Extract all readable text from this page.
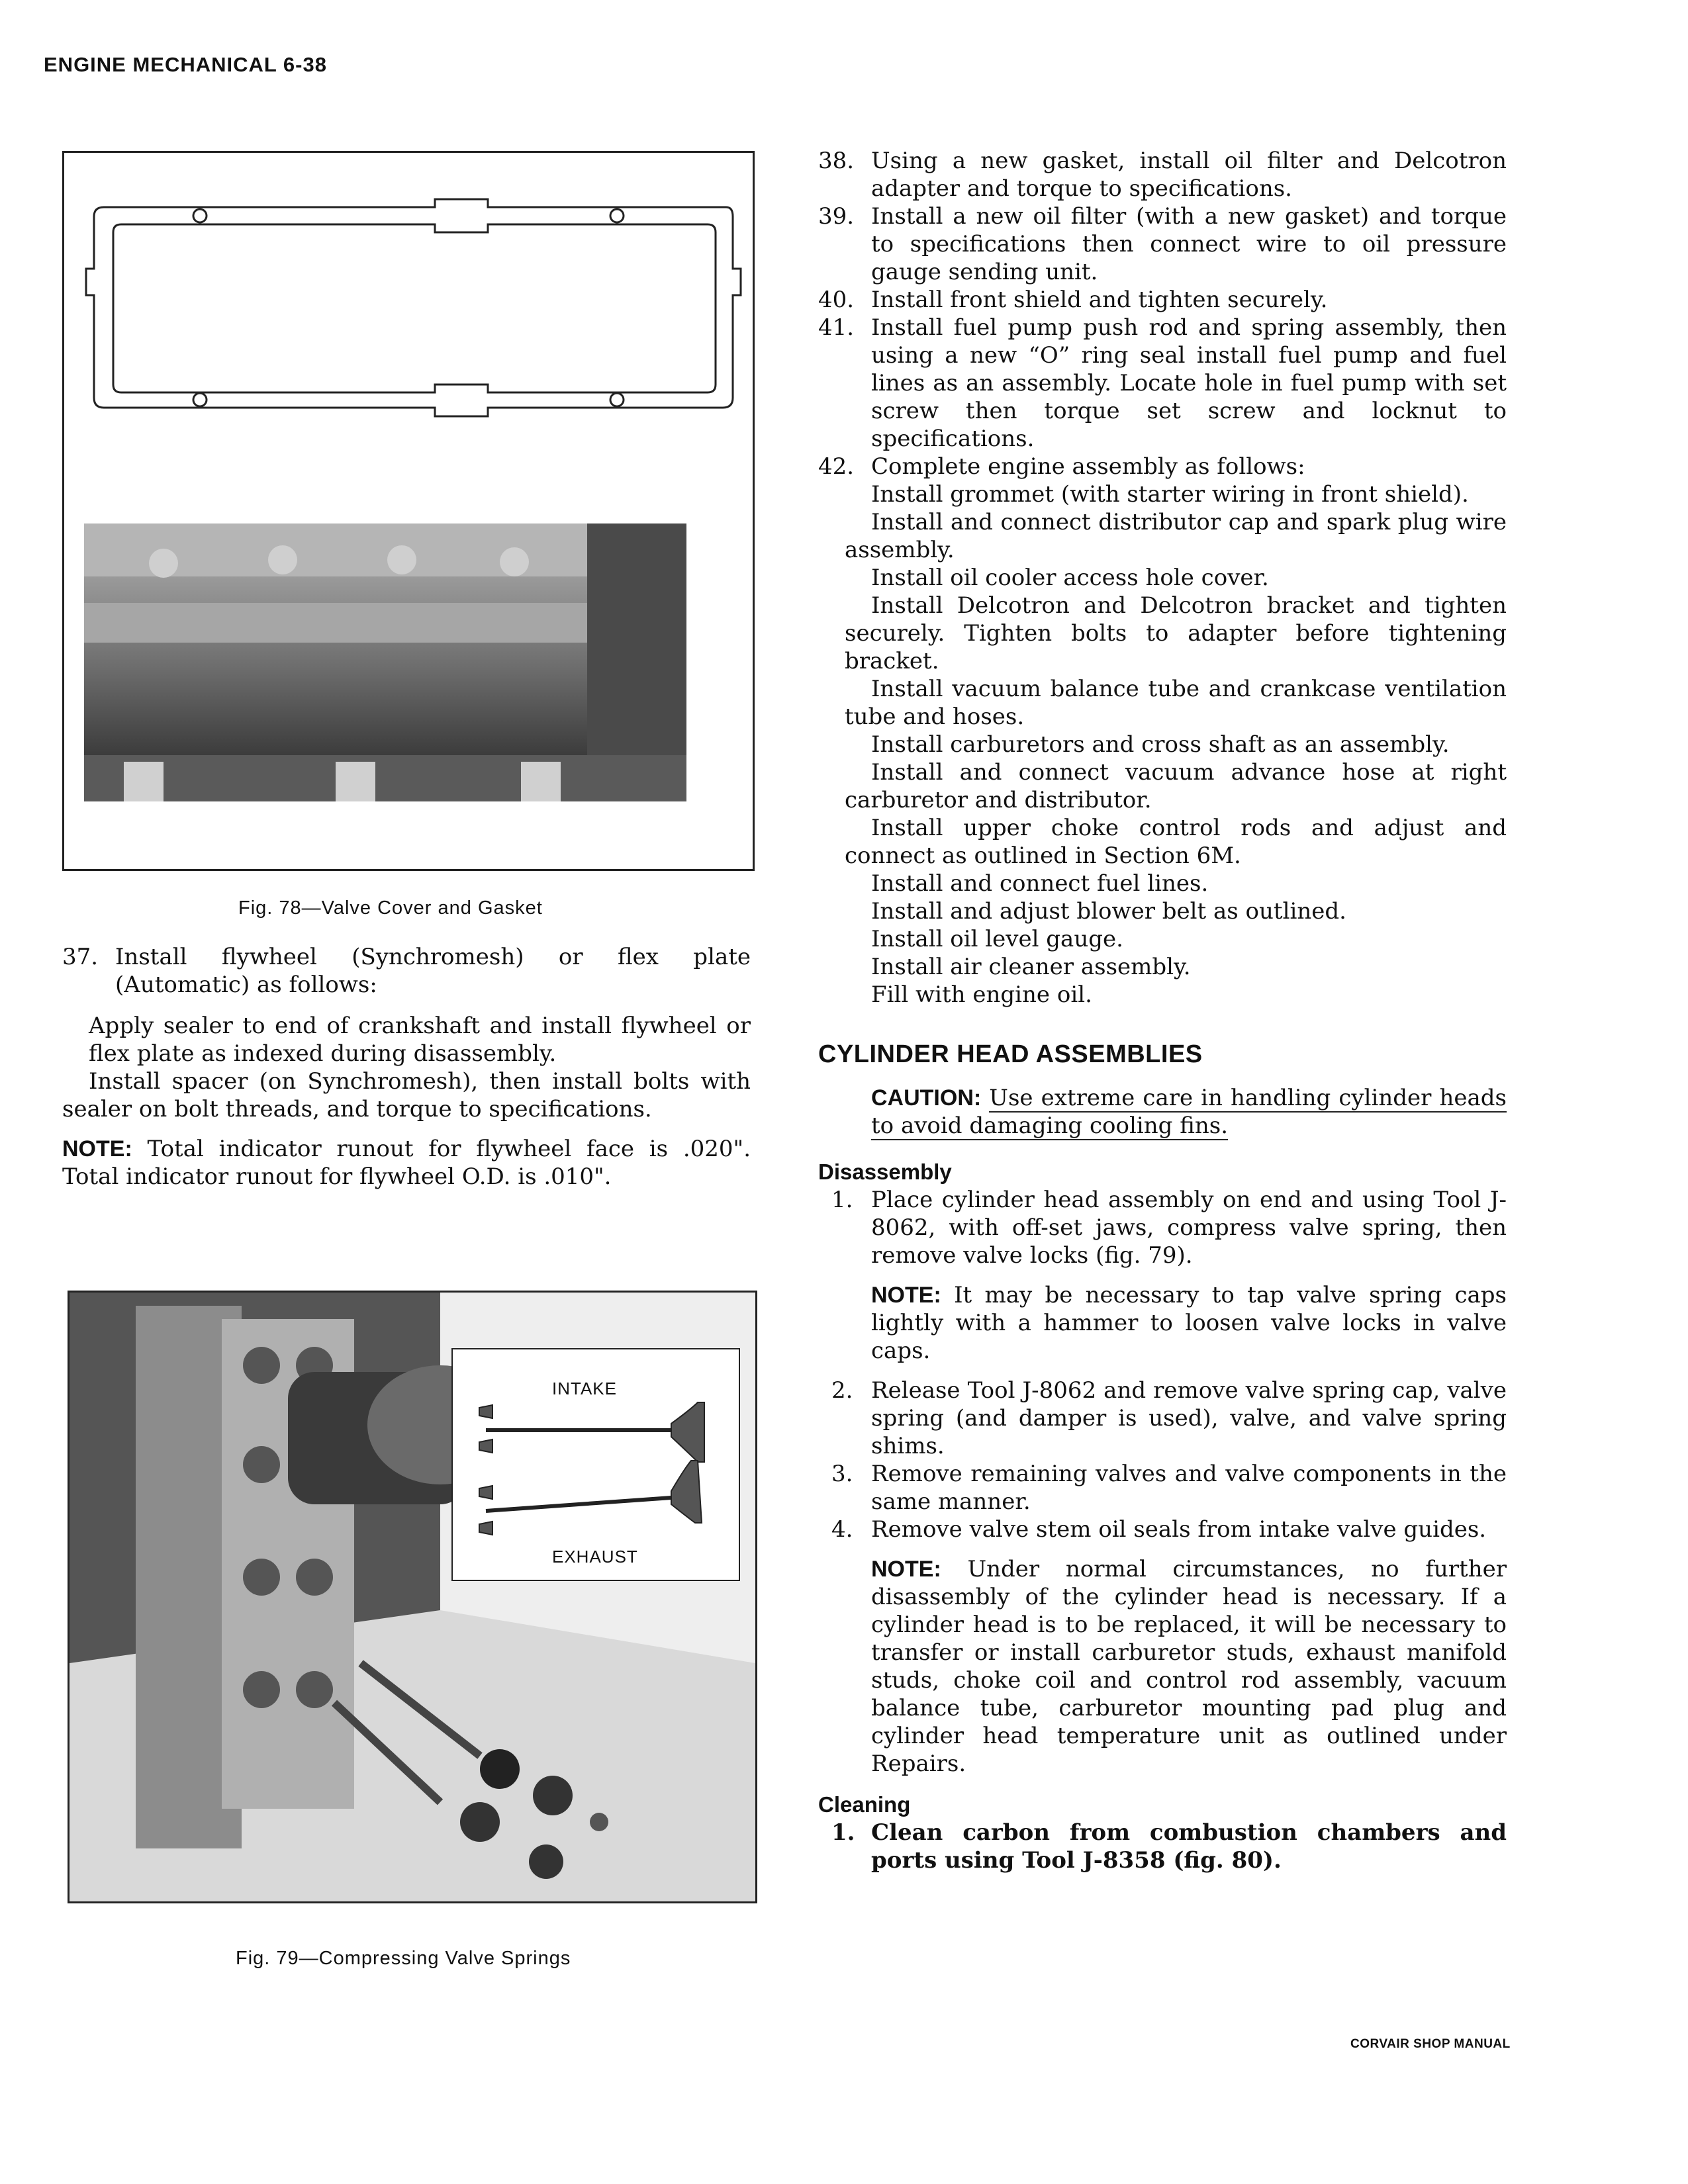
ENGINE MECHANICAL 6-38
Fig. 78—Valve Cover and Gasket
37. Install flywheel (Synchromesh) or flex plate (Automatic) as follows:

Apply sealer to end of crankshaft and install flywheel or flex plate as indexed during disassembly.

Install spacer (on Synchromesh), then install bolts with sealer on bolt threads, and torque to specifications.

NOTE: Total indicator runout for flywheel face is .020". Total indicator runout for flywheel O.D. is .010".

INTAKE
EXHAUST
Fig. 79—Compressing Valve Springs
38. Using a new gasket, install oil filter and Delcotron adapter and torque to specifications.
39. Install a new oil filter (with a new gasket) and torque to specifications then connect wire to oil pressure gauge sending unit.
40. Install front shield and tighten securely.
41. Install fuel pump push rod and spring assembly, then using a new “O” ring seal install fuel pump and fuel lines as an assembly. Locate hole in fuel pump with set screw then torque set screw and locknut to specifications.
42. Complete engine assembly as follows:

Install grommet (with starter wiring in front shield).

Install and connect distributor cap and spark plug wire assembly.

Install oil cooler access hole cover.

Install Delcotron and Delcotron bracket and tighten securely. Tighten bolts to adapter before tightening bracket.

Install vacuum balance tube and crankcase ventilation tube and hoses.

Install carburetors and cross shaft as an assembly.

Install and connect vacuum advance hose at right carburetor and distributor.

Install upper choke control rods and adjust and connect as outlined in Section 6M.

Install and connect fuel lines.

Install and adjust blower belt as outlined.

Install oil level gauge.

Install air cleaner assembly.

Fill with engine oil.

CYLINDER HEAD ASSEMBLIES

CAUTION: Use extreme care in handling cylinder heads to avoid damaging cooling fins.

Disassembly
1. Place cylinder head assembly on end and using Tool J-8062, with off-set jaws, compress valve spring, then remove valve locks (fig. 79).

NOTE: It may be necessary to tap valve spring caps lightly with a hammer to loosen valve locks in valve caps.

2. Release Tool J-8062 and remove valve spring cap, valve spring (and damper is used), valve, and valve spring shims.
3. Remove remaining valves and valve components in the same manner.
4. Remove valve stem oil seals from intake valve guides.

NOTE: Under normal circumstances, no further disassembly of the cylinder head is necessary. If a cylinder head is to be replaced, it will be necessary to transfer or install carburetor studs, exhaust manifold studs, choke coil and control rod assembly, vacuum balance tube, carburetor mounting pad plug and cylinder head temperature unit as outlined under Repairs.

Cleaning
1. Clean carbon from combustion chambers and ports using Tool J-8358 (fig. 80).
CORVAIR SHOP MANUAL
